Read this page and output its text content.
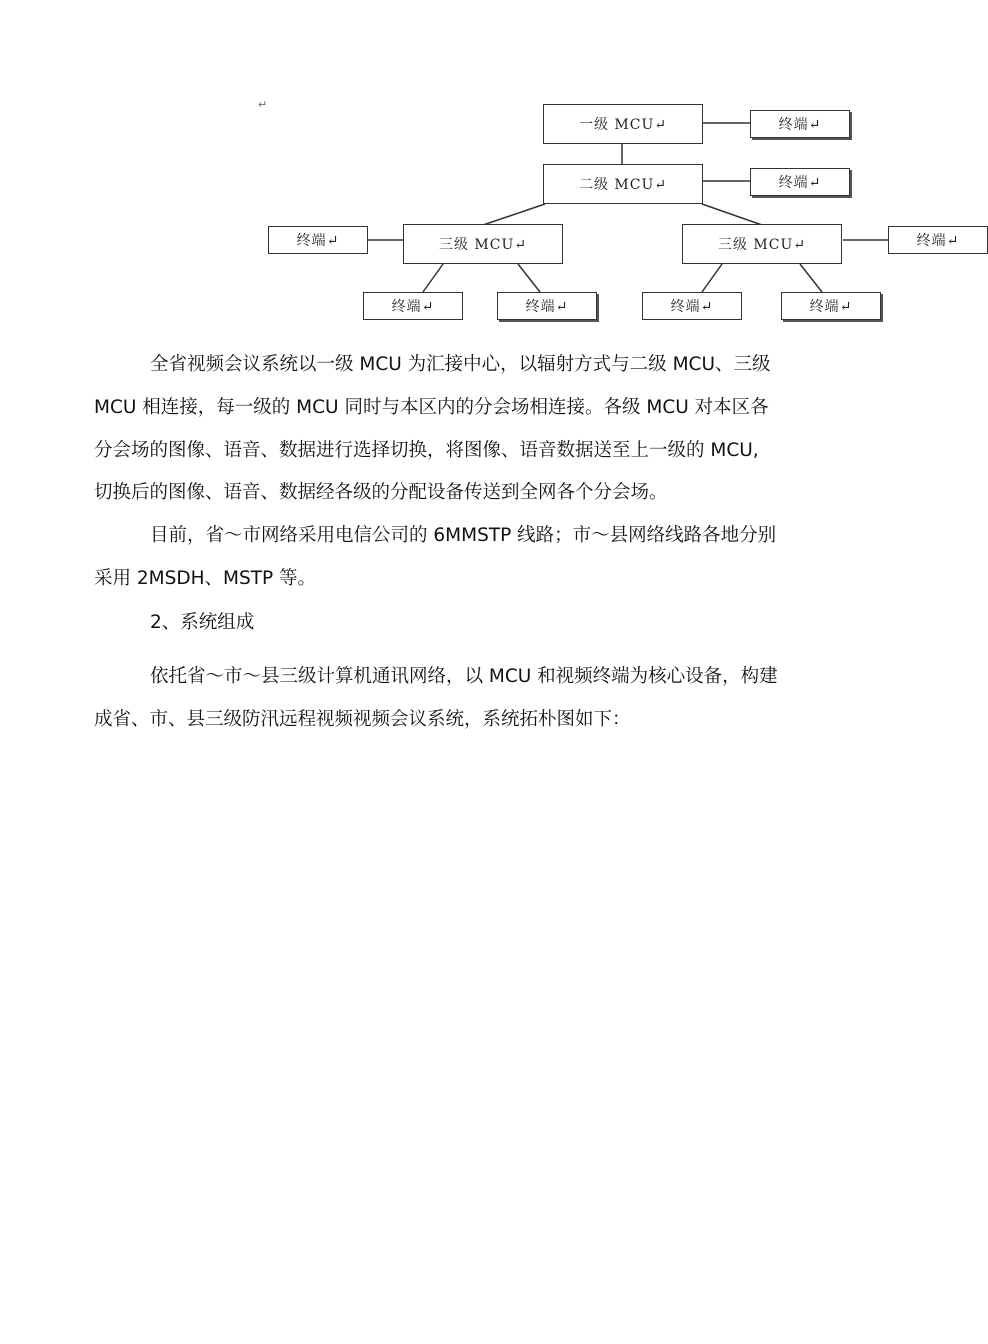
↵
一级 MCU↵	终端↵
二级 MCU↵	终端↵
终端↵	三级 MCU↵	三级 MCU↵	终端↵
终端↵	终端↵	终端↵	终端↵
全省视频会议系统以一级 MCU 为汇接中心，以辐射方式与二级 MCU、三级
MCU 相连接，每一级的 MCU 同时与本区内的分会场相连接。各级 MCU 对本区各
分会场的图像、语音、数据进行选择切换，将图像、语音数据送至上一级的 MCU,
切换后的图像、语音、数据经各级的分配设备传送到全网各个分会场。
目前，省～市网络采用电信公司的 6MMSTP 线路；市～县网络线路各地分别
采用 2MSDH、MSTP 等。
2、系统组成
依托省～市～县三级计算机通讯网络，以 MCU 和视频终端为核心设备，构建
成省、市、县三级防汛远程视频视频会议系统，系统拓朴图如下：
